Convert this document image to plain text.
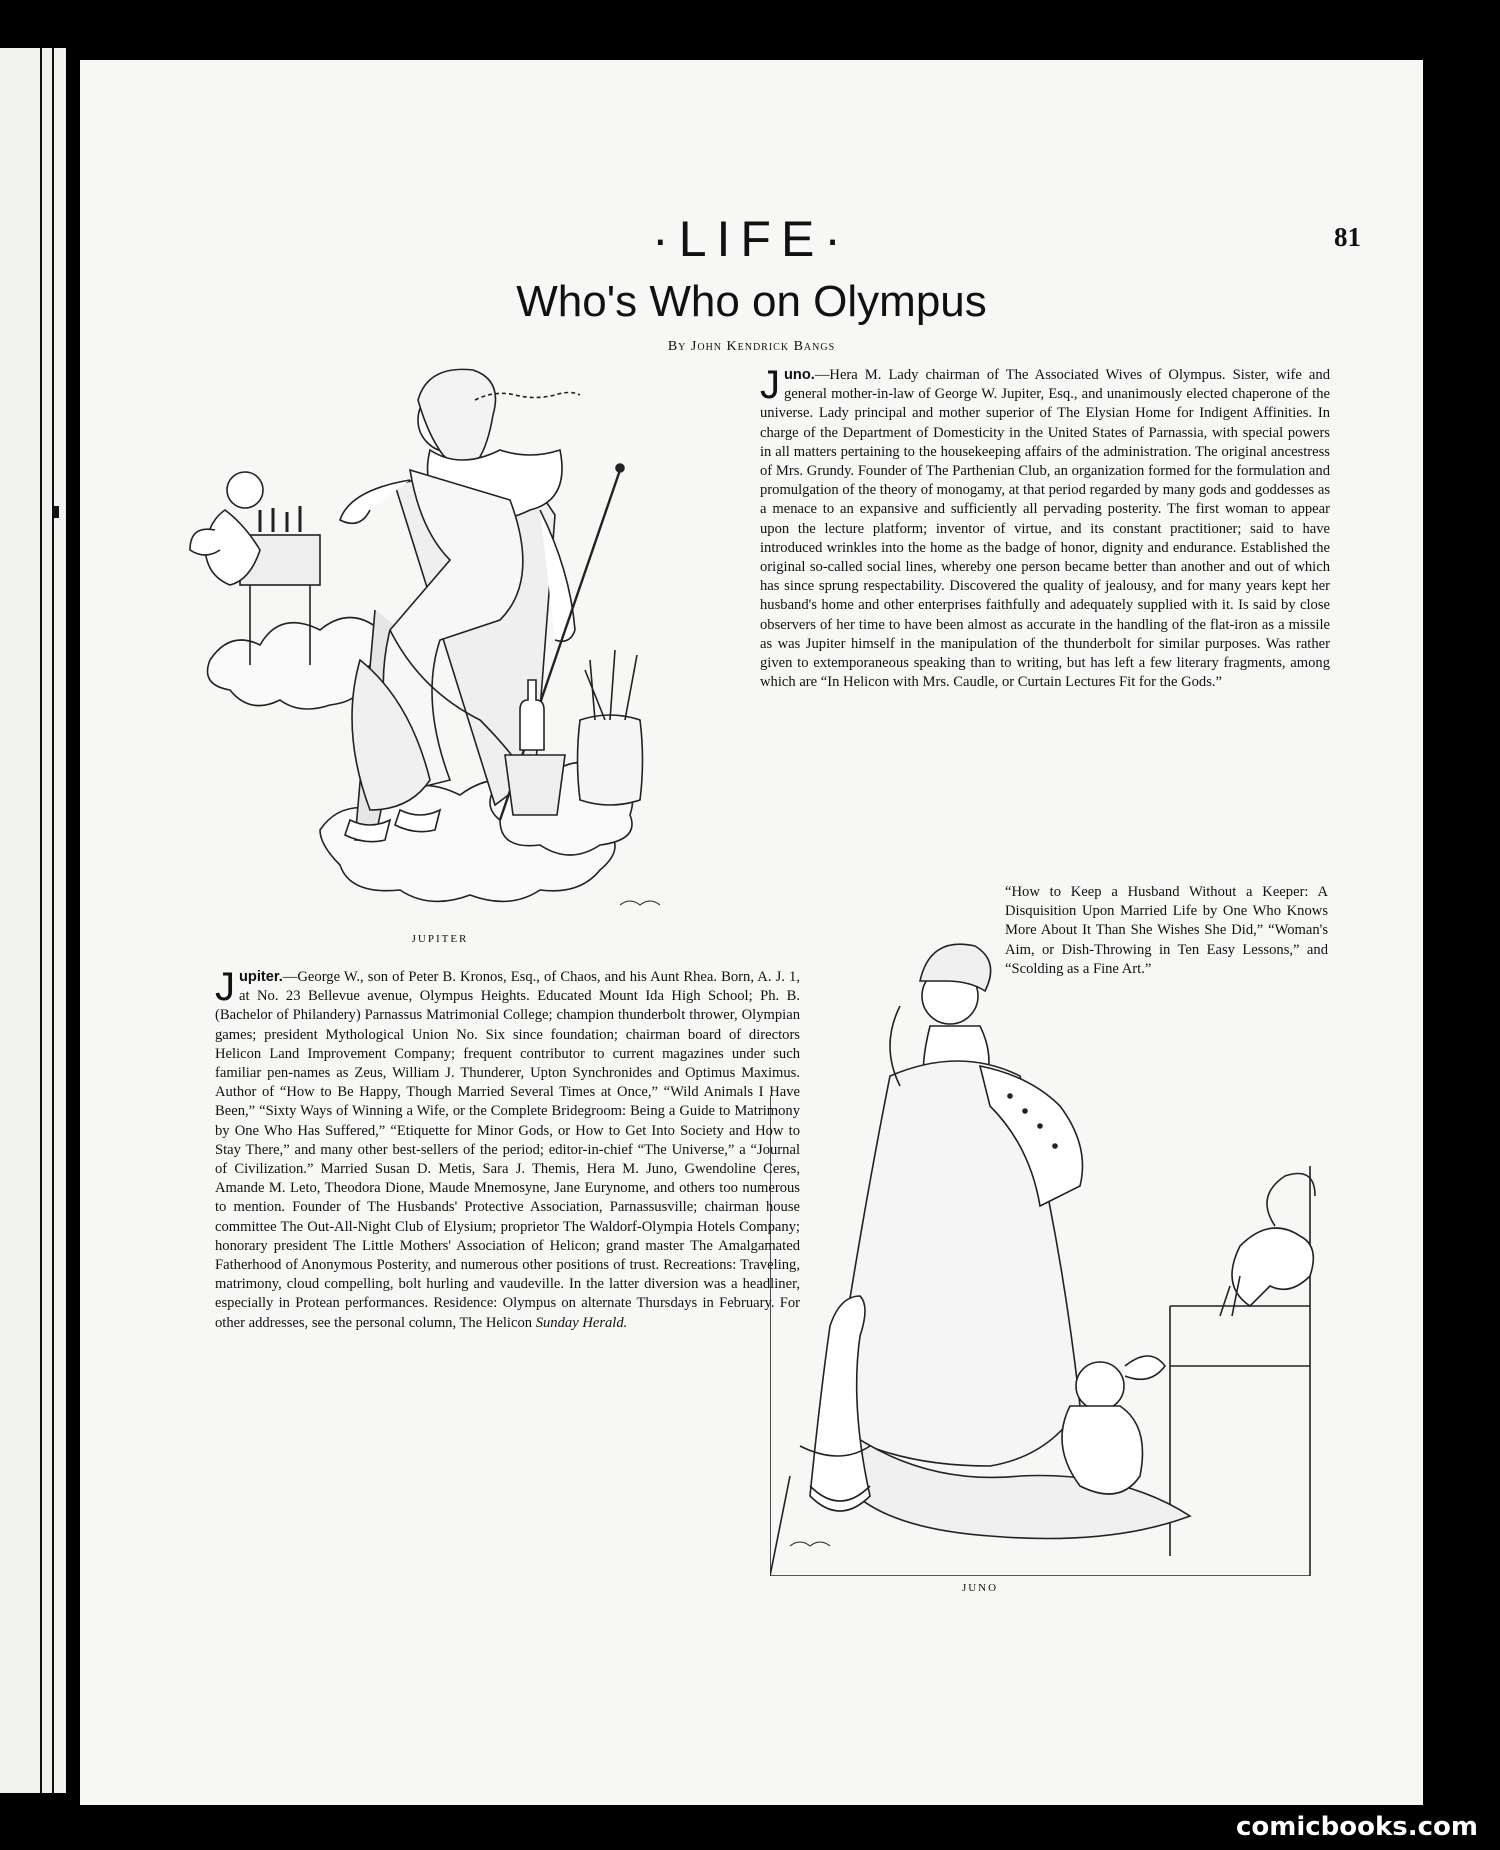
·LIFE·	81
Who's Who on Olympus
By John Kendrick Bangs
JUPITER
Juno.—Hera M. Lady chairman of The Associated Wives of Olympus. Sister, wife and general mother-in-law of George W. Jupiter, Esq., and unanimously elected chaperone of the universe. Lady principal and mother superior of The Elysian Home for Indigent Affinities. In charge of the Department of Domesticity in the United States of Parnassia, with special powers in all matters pertaining to the housekeeping affairs of the administration. The original ancestress of Mrs. Grundy. Founder of The Parthenian Club, an organization formed for the formulation and promulgation of the theory of monogamy, at that period regarded by many gods and goddesses as a menace to an expansive and sufficiently all pervading posterity. The first woman to appear upon the lecture platform; inventor of virtue, and its constant practitioner; said to have introduced wrinkles into the home as the badge of honor, dignity and endurance. Established the original so-called social lines, whereby one person became better than another and out of which has since sprung respectability. Discovered the quality of jealousy, and for many years kept her husband's home and other enterprises faithfully and adequately supplied with it. Is said by close observers of her time to have been almost as accurate in the handling of the flat-iron as a missile as was Jupiter himself in the manipulation of the thunderbolt for similar purposes. Was rather given to extemporaneous speaking than to writing, but has left a few literary fragments, among which are “In Helicon with Mrs. Caudle, or Curtain Lectures Fit for the Gods.”
“How to Keep a Husband Without a Keeper: A Disquisition Upon Married Life by One Who Knows More About It Than She Wishes She Did,” “Woman's Aim, or Dish-Throwing in Ten Easy Lessons,” and “Scolding as a Fine Art.”
JUNO
Jupiter.—George W., son of Peter B. Kronos, Esq., of Chaos, and his Aunt Rhea. Born, A. J. 1, at No. 23 Bellevue avenue, Olympus Heights. Educated Mount Ida High School; Ph. B. (Bachelor of Philandery) Parnassus Matrimonial College; champion thunderbolt thrower, Olympian games; president Mythological Union No. Six since foundation; chairman board of directors Helicon Land Improvement Company; frequent contributor to current magazines under such familiar pen-names as Zeus, William J. Thunderer, Upton Synchronides and Optimus Maximus. Author of “How to Be Happy, Though Married Several Times at Once,” “Wild Animals I Have Been,” “Sixty Ways of Winning a Wife, or the Complete Bridegroom: Being a Guide to Matrimony by One Who Has Suffered,” “Etiquette for Minor Gods, or How to Get Into Society and How to Stay There,” and many other best-sellers of the period; editor-in-chief “The Universe,” a “Journal of Civilization.” Married Susan D. Metis, Sara J. Themis, Hera M. Juno, Gwendoline Ceres, Amande M. Leto, Theodora Dione, Maude Mnemosyne, Jane Eurynome, and others too numerous to mention. Founder of The Husbands' Protective Association, Parnassusville; chairman house committee The Out-All-Night Club of Elysium; proprietor The Waldorf-Olympia Hotels Company; honorary president The Little Mothers' Association of Helicon; grand master The Amalgamated Fatherhood of Anonymous Posterity, and numerous other positions of trust. Recreations: Traveling, matrimony, cloud compelling, bolt hurling and vaudeville. In the latter diversion was a headliner, especially in Protean performances. Residence: Olympus on alternate Thursdays in February. For other addresses, see the personal column, The Helicon Sunday Herald.
comicbooks.com
